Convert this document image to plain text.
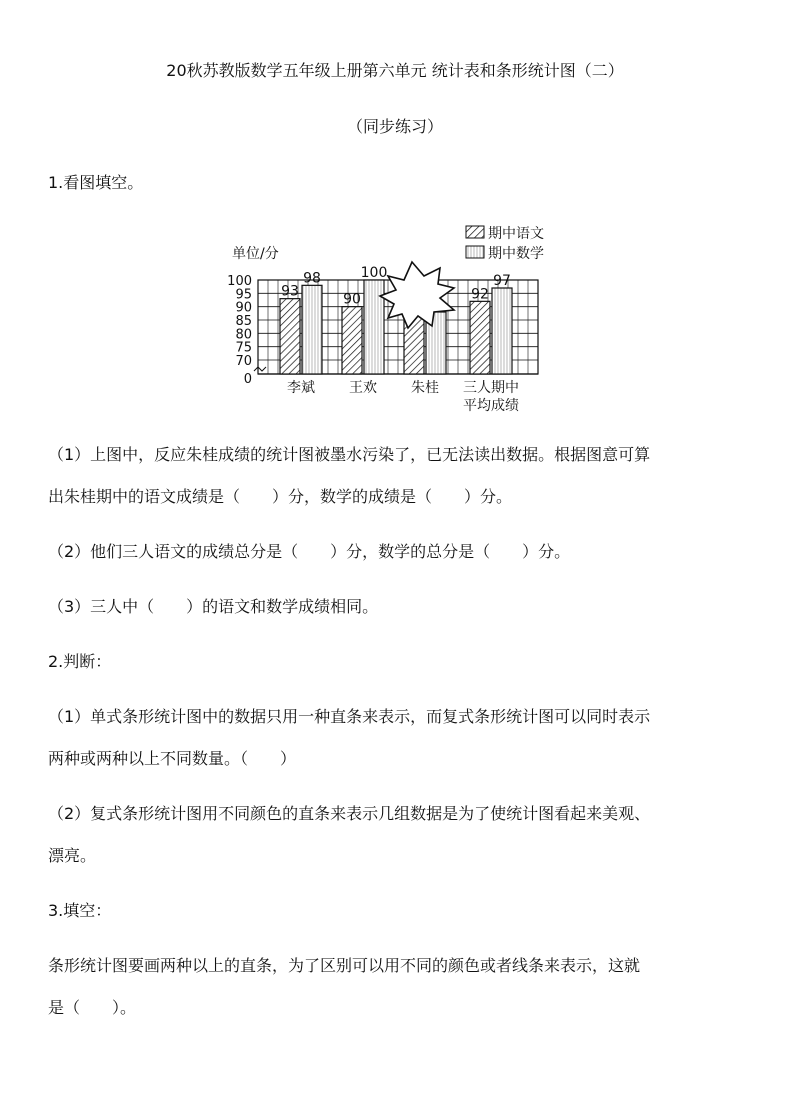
20秋苏教版数学五年级上册第六单元 统计表和条形统计图（二）
（同步练习）
1.看图填空。
93
98
90
100
92
97
0
70
75
80
85
90
95
100
李斌 王欢 朱桂 三人期中
平均成绩
期中语文
期中数学
单位/分
（1）上图中，反应朱桂成绩的统计图被墨水污染了，已无法读出数据。根据图意可算
出朱桂期中的语文成绩是（　　）分，数学的成绩是（　　）分。
（2）他们三人语文的成绩总分是（　　）分，数学的总分是（　　）分。
（3）三人中（　　）的语文和数学成绩相同。
2.判断：
（1）单式条形统计图中的数据只用一种直条来表示，而复式条形统计图可以同时表示
两种或两种以上不同数量。（　　）
（2）复式条形统计图用不同颜色的直条来表示几组数据是为了使统计图看起来美观、
漂亮。
3.填空：
条形统计图要画两种以上的直条，为了区别可以用不同的颜色或者线条来表示，这就
是（　　）。
